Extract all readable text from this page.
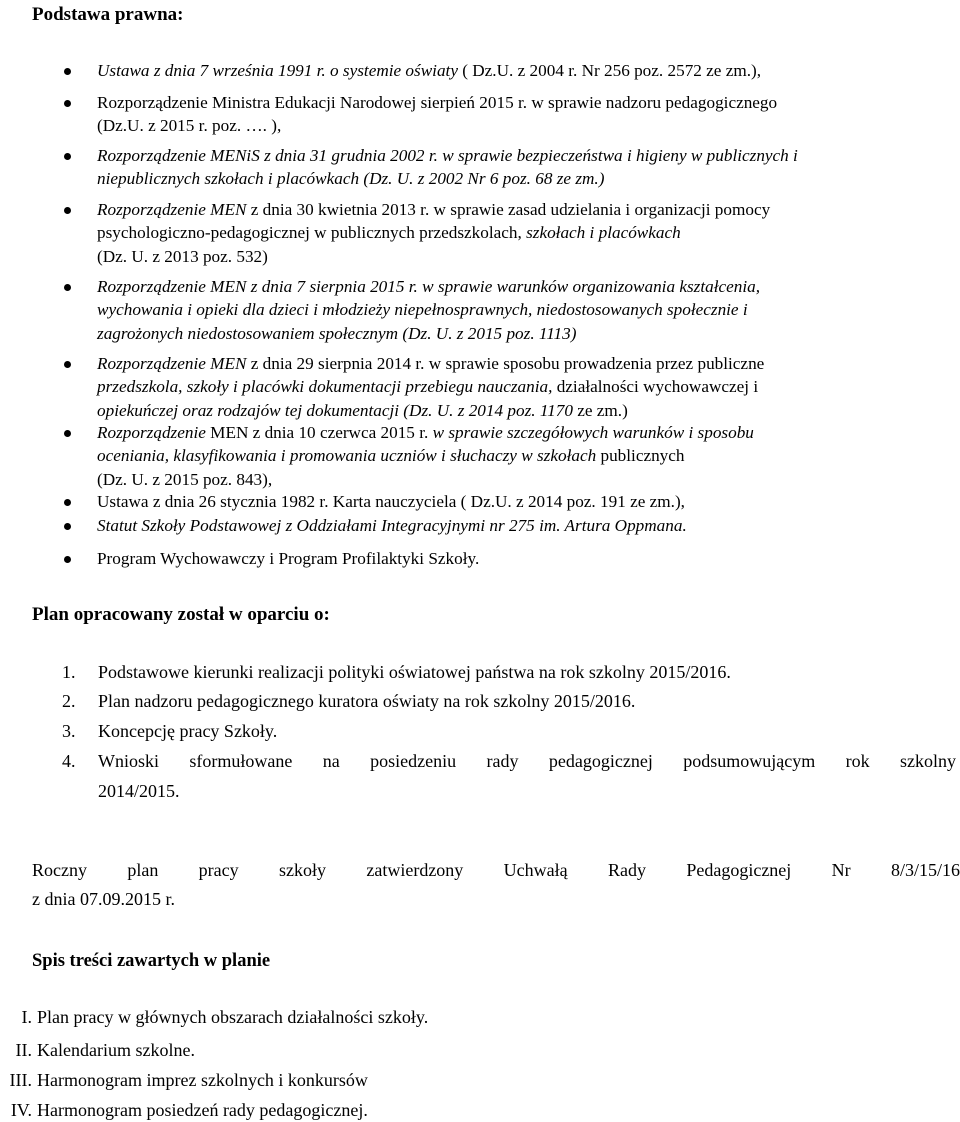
Podstawa prawna:
Ustawa z dnia 7 września 1991 r. o systemie oświaty ( Dz.U. z 2004 r. Nr 256 poz. 2572 ze zm.),
Rozporządzenie Ministra Edukacji Narodowej sierpień 2015 r. w sprawie nadzoru pedagogicznego
(Dz.U. z 2015 r. poz. …. ),
Rozporządzenie MENiS z dnia 31 grudnia 2002 r. w sprawie bezpieczeństwa i higieny w publicznych i
niepublicznych szkołach i placówkach (Dz. U. z 2002 Nr 6 poz. 68 ze zm.)
Rozporządzenie MEN z dnia 30 kwietnia 2013 r. w sprawie zasad udzielania i organizacji pomocy
psychologiczno-pedagogicznej w publicznych przedszkolach, szkołach i placówkach
(Dz. U. z 2013 poz. 532)
Rozporządzenie MEN z dnia 7 sierpnia 2015 r. w sprawie warunków organizowania kształcenia,
wychowania i opieki dla dzieci i młodzieży niepełnosprawnych, niedostosowanych społecznie i
zagrożonych niedostosowaniem społecznym (Dz. U. z 2015 poz. 1113)
Rozporządzenie MEN z dnia 29 sierpnia 2014 r. w sprawie sposobu prowadzenia przez publiczne
przedszkola, szkoły i placówki dokumentacji przebiegu nauczania, działalności wychowawczej i
opiekuńczej oraz rodzajów tej dokumentacji (Dz. U. z 2014 poz. 1170 ze zm.)
Rozporządzenie MEN z dnia 10 czerwca 2015 r. w sprawie szczegółowych warunków i sposobu
oceniania, klasyfikowania i promowania uczniów i słuchaczy w szkołach publicznych
(Dz. U. z 2015 poz. 843),
Ustawa z dnia 26 stycznia 1982 r. Karta nauczyciela ( Dz.U. z 2014 poz. 191 ze zm.),
Statut Szkoły Podstawowej z Oddziałami Integracyjnymi nr 275 im. Artura Oppmana.
Program Wychowawczy i Program Profilaktyki Szkoły.
Plan opracowany został w oparciu o:
1. Podstawowe kierunki realizacji polityki oświatowej państwa na rok szkolny 2015/2016.
2. Plan nadzoru pedagogicznego kuratora oświaty na rok szkolny 2015/2016.
3. Koncepcję pracy Szkoły.
4. Wnioski sformułowane na posiedzeniu rady pedagogicznej podsumowującym rok szkolny
2014/2015.
Roczny plan pracy szkoły zatwierdzony Uchwałą Rady Pedagogicznej Nr 8/3/15/16
z dnia 07.09.2015 r.
Spis treści zawartych w planie
I. Plan pracy w głównych obszarach działalności szkoły.
II. Kalendarium szkolne.
III. Harmonogram imprez szkolnych i konkursów
IV. Harmonogram posiedzeń rady pedagogicznej.
